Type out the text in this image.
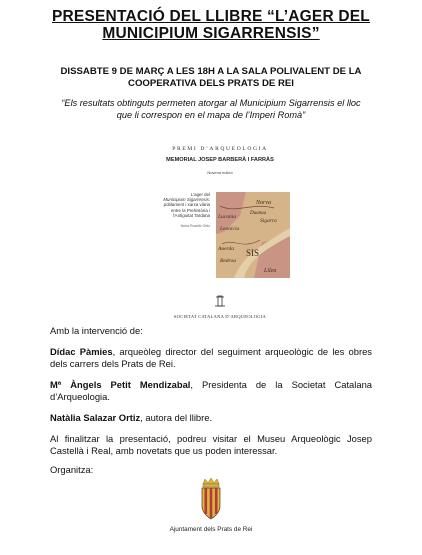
PRESENTACIÓ DEL LLIBRE “L’AGER DEL
MUNICIPIUM SIGARRENSIS”
DISSABTE 9 DE MARÇ A LES 18H A LA SALA POLIVALENT DE LA
COOPERATIVA DELS PRATS DE REI
“Els resultats obtinguts permeten atorgar al Municipium Sigarrensis el lloc
que li correspon en el mapa de l’Imperi Romà”
PREMI D’ARQUEOLOGIA
MEMORIAL JOSEP BARBERÀ I FARRÀS
Novena edició
L’ager del
Municipium Sigarrensis:
poblament i xarxa viària
entre la Prehistòria i
l’Antiguitat Tardana
Núria Roselló Ortiz
Norva
Lucania
Leonicia
Sigarra
Duanua
Auerda
Bedroa
SIS
Lilea
SOCIETAT CATALANA D’ARQUEOLOGIA
Amb la intervenció de:
Dídac Pàmies, arqueòleg director del seguiment arqueològic de les obres dels carrers dels Prats de Rei.
Mª Àngels Petit Mendizabal, Presidenta de la Societat Catalana d’Arqueologia.
Natàlia Salazar Ortiz, autora del llibre.
Al finalitzar la presentació, podreu visitar el Museu Arqueològic Josep Castellà i Real, amb novetats que us poden interessar.
Organitza:
Ajuntament dels Prats de Rei
